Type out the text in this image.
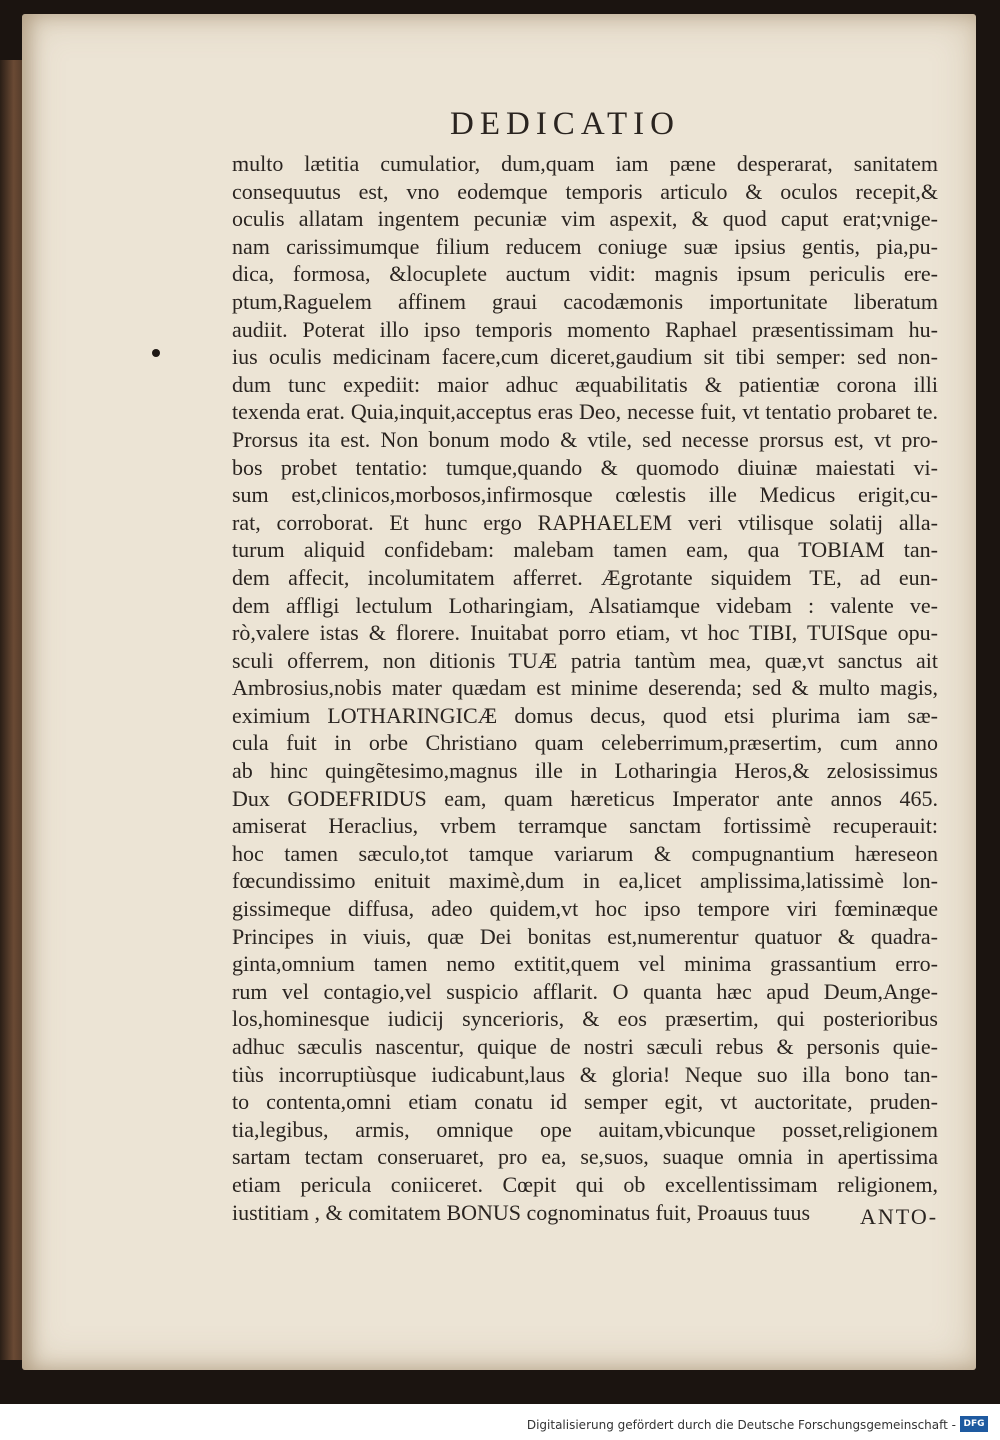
DEDICATIO
multo lætitia cumulatior, dum,quam iam pæne desperarat, sanitatem
consequutus est, vno eodemque temporis articulo & oculos recepit,&
oculis allatam ingentem pecuniæ vim aspexit, & quod caput erat;vnige-
nam carissimumque filium reducem coniuge suæ ipsius gentis, pia,pu-
dica, formosa, &locuplete auctum vidit: magnis ipsum periculis ere-
ptum,Raguelem affinem graui cacodæmonis importunitate liberatum
audiit. Poterat illo ipso temporis momento Raphael præsentissimam hu-
ius oculis medicinam facere,cum diceret,gaudium sit tibi semper: sed non-
dum tunc expediit: maior adhuc æquabilitatis & patientiæ corona illi
texenda erat. Quia,inquit,acceptus eras Deo, necesse fuit, vt tentatio probaret te.
Prorsus ita est. Non bonum modo & vtile, sed necesse prorsus est, vt pro-
bos probet tentatio: tumque,quando & quomodo diuinæ maiestati vi-
sum est,clinicos,morbosos,infirmosque cœlestis ille Medicus erigit,cu-
rat, corroborat. Et hunc ergo RAPHAELEM veri vtilisque solatij alla-
turum aliquid confidebam: malebam tamen eam, qua TOBIAM tan-
dem affecit, incolumitatem afferret. Ægrotante siquidem TE, ad eun-
dem affligi lectulum Lotharingiam, Alsatiamque videbam : valente ve-
rò,valere istas & florere. Inuitabat porro etiam, vt hoc TIBI, TUISque opu-
sculi offerrem, non ditionis TUÆ patria tantùm mea, quæ,vt sanctus ait
Ambrosius,nobis mater quædam est minime deserenda; sed & multo magis,
eximium LOTHARINGICÆ domus decus, quod etsi plurima iam sæ-
cula fuit in orbe Christiano quam celeberrimum,præsertim, cum anno
ab hinc quingẽtesimo,magnus ille in Lotharingia Heros,& zelosissimus
Dux GODEFRIDUS eam, quam hæreticus Imperator ante annos 465.
amiserat Heraclius, vrbem terramque sanctam fortissimè recuperauit:
hoc tamen sæculo,tot tamque variarum & compugnantium hæreseon
fœcundissimo enituit maximè,dum in ea,licet amplissima,latissimè lon-
gissimeque diffusa, adeo quidem,vt hoc ipso tempore viri fœminæque
Principes in viuis, quæ Dei bonitas est,numerentur quatuor & quadra-
ginta,omnium tamen nemo extitit,quem vel minima grassantium erro-
rum vel contagio,vel suspicio afflarit. O quanta hæc apud Deum,Ange-
los,hominesque iudicij syncerioris, & eos præsertim, qui posterioribus
adhuc sæculis nascentur, quique de nostri sæculi rebus & personis quie-
tiùs incorruptiùsque iudicabunt,laus & gloria! Neque suo illa bono tan-
to contenta,omni etiam conatu id semper egit, vt auctoritate, pruden-
tia,legibus, armis, omnique ope auitam,vbicunque posset,religionem
sartam tectam conseruaret, pro ea, se,suos, suaque omnia in apertissima
etiam pericula coniiceret. Cœpit qui ob excellentissimam religionem,
iustitiam , & comitatem BONUS cognominatus fuit, Proauus tuus	ANTO-
Digitalisierung gefördert durch die Deutsche Forschungsgemeinschaft - DFG
